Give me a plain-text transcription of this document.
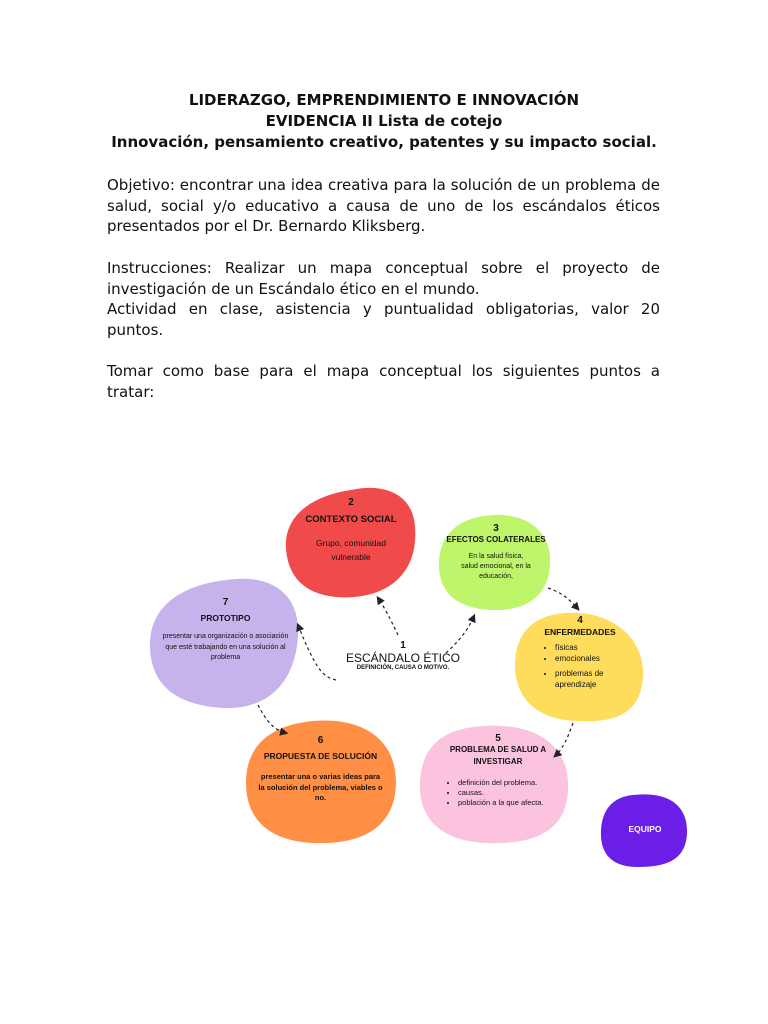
LIDERAZGO, EMPRENDIMIENTO E INNOVACIÓN
EVIDENCIA II Lista de cotejo
Innovación, pensamiento creativo, patentes y su impacto social.
Objetivo: encontrar una idea creativa para la solución de un problema de salud, social y/o educativo a causa de uno de los escándalos éticos presentados por el Dr. Bernardo Kliksberg.
Instrucciones: Realizar un mapa conceptual sobre el proyecto de investigación de un Escándalo ético en el mundo.
Actividad en clase, asistencia y puntualidad obligatorias, valor 20 puntos.
Tomar como base para el mapa conceptual los siguientes puntos a tratar:
1
ESCÁNDALO ÉTICO
DEFINICIÓN, CAUSA O MOTIVO.
2
CONTEXTO SOCIAL
Grupo, comunidad vulnerable
3
EFECTOS COLATERALES
En la salud física, salud emocional, en la educación,
4
ENFERMEDADES
• físicas
• emocionales
• problemas de aprendizaje
5
PROBLEMA DE SALUD A INVESTIGAR
• definición del problema.
• causas.
• población a la que afecta.
6
PROPUESTA DE SOLUCIÓN
presentar una o varias ideas para la solución del problema, viables o no.
7
PROTOTIPO
presentar una organización o asociación que esté trabajando en una solución al problema
EQUIPO
